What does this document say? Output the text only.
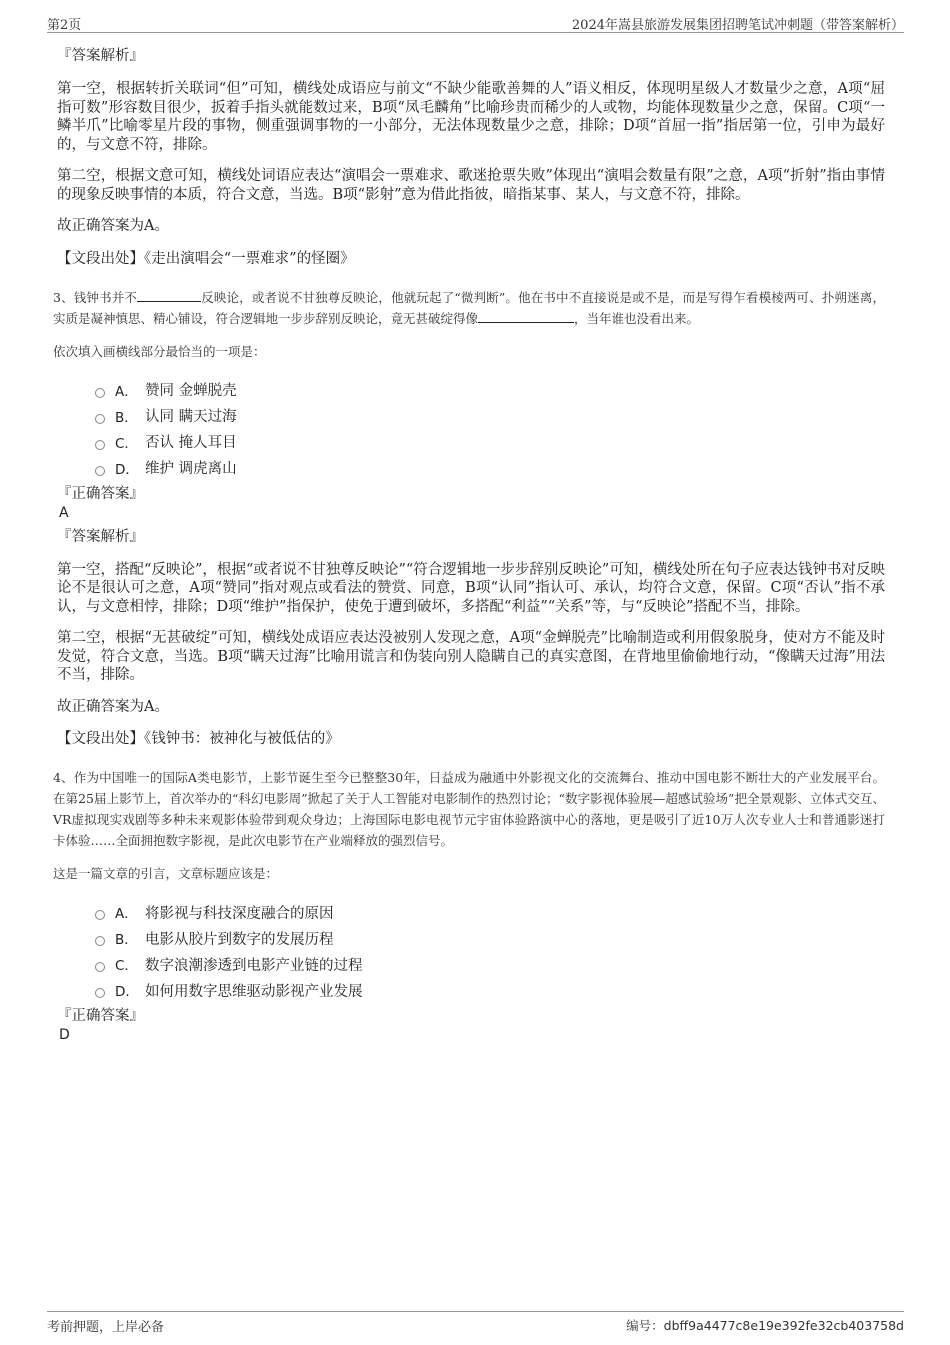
第2页	2024年嵩县旅游发展集团招聘笔试冲刺题（带答案解析）

『答案解析』

第一空，根据转折关联词“但”可知，横线处成语应与前文“不缺少能歌善舞的人”语义相反，体现明星级人才数量少之意，A项“屈指可数”形容数目很少，扳着手指头就能数过来，B项“凤毛麟角”比喻珍贵而稀少的人或物，均能体现数量少之意，保留。C项“一鳞半爪”比喻零星片段的事物，侧重强调事物的一小部分，无法体现数量少之意，排除；D项“首屈一指”指居第一位，引申为最好的，与文意不符，排除。

第二空，根据文意可知，横线处词语应表达“演唱会一票难求、歌迷抢票失败”体现出“演唱会数量有限”之意，A项“折射”指由事情的现象反映事情的本质，符合文意，当选。B项“影射”意为借此指彼，暗指某事、某人，与文意不符，排除。

故正确答案为A。

【文段出处】《走出演唱会“一票难求”的怪圈》

3、钱钟书并不	反映论，或者说不甘独尊反映论，他就玩起了“微判断”。他在书中不直接说是或不是，而是写得乍看模棱两可、扑朔迷离，实质是凝神慎思、精心铺设，符合逻辑地一步步辞别反映论，竟无甚破绽得像	，当年谁也没看出来。

依次填入画横线部分最恰当的一项是：

A． 赞同 金蝉脱壳
B． 认同 瞒天过海
C． 否认 掩人耳目
D． 维护 调虎离山

『正确答案』

A

『答案解析』

第一空，搭配“反映论”，根据“或者说不甘独尊反映论”“符合逻辑地一步步辞别反映论”可知，横线处所在句子应表达钱钟书对反映论不是很认可之意，A项“赞同”指对观点或看法的赞赏、同意，B项“认同”指认可、承认，均符合文意，保留。C项“否认”指不承认，与文意相悖，排除；D项“维护”指保护，使免于遭到破坏，多搭配“利益”“关系”等，与“反映论”搭配不当，排除。

第二空，根据“无甚破绽”可知，横线处成语应表达没被别人发现之意，A项“金蝉脱壳”比喻制造或利用假象脱身，使对方不能及时发觉，符合文意，当选。B项“瞒天过海”比喻用谎言和伪装向别人隐瞒自己的真实意图，在背地里偷偷地行动，“像瞒天过海”用法不当，排除。

故正确答案为A。

【文段出处】《钱钟书：被神化与被低估的》

4、作为中国唯一的国际A类电影节，上影节诞生至今已整整30年，日益成为融通中外影视文化的交流舞台、推动中国电影不断壮大的产业发展平台。在第25届上影节上，首次举办的“科幻电影周”掀起了关于人工智能对电影制作的热烈讨论；“数字影视体验展—超感试验场”把全景观影、立体式交互、VR虚拟现实戏剧等多种未来观影体验带到观众身边；上海国际电影电视节元宇宙体验路演中心的落地，更是吸引了近10万人次专业人士和普通影迷打卡体验……全面拥抱数字影视，是此次电影节在产业端释放的强烈信号。

这是一篇文章的引言，文章标题应该是：

A． 将影视与科技深度融合的原因
B． 电影从胶片到数字的发展历程
C． 数字浪潮渗透到电影产业链的过程
D． 如何用数字思维驱动影视产业发展

『正确答案』

D

考前押题，上岸必备	编号：dbff9a4477c8e19e392fe32cb403758d
